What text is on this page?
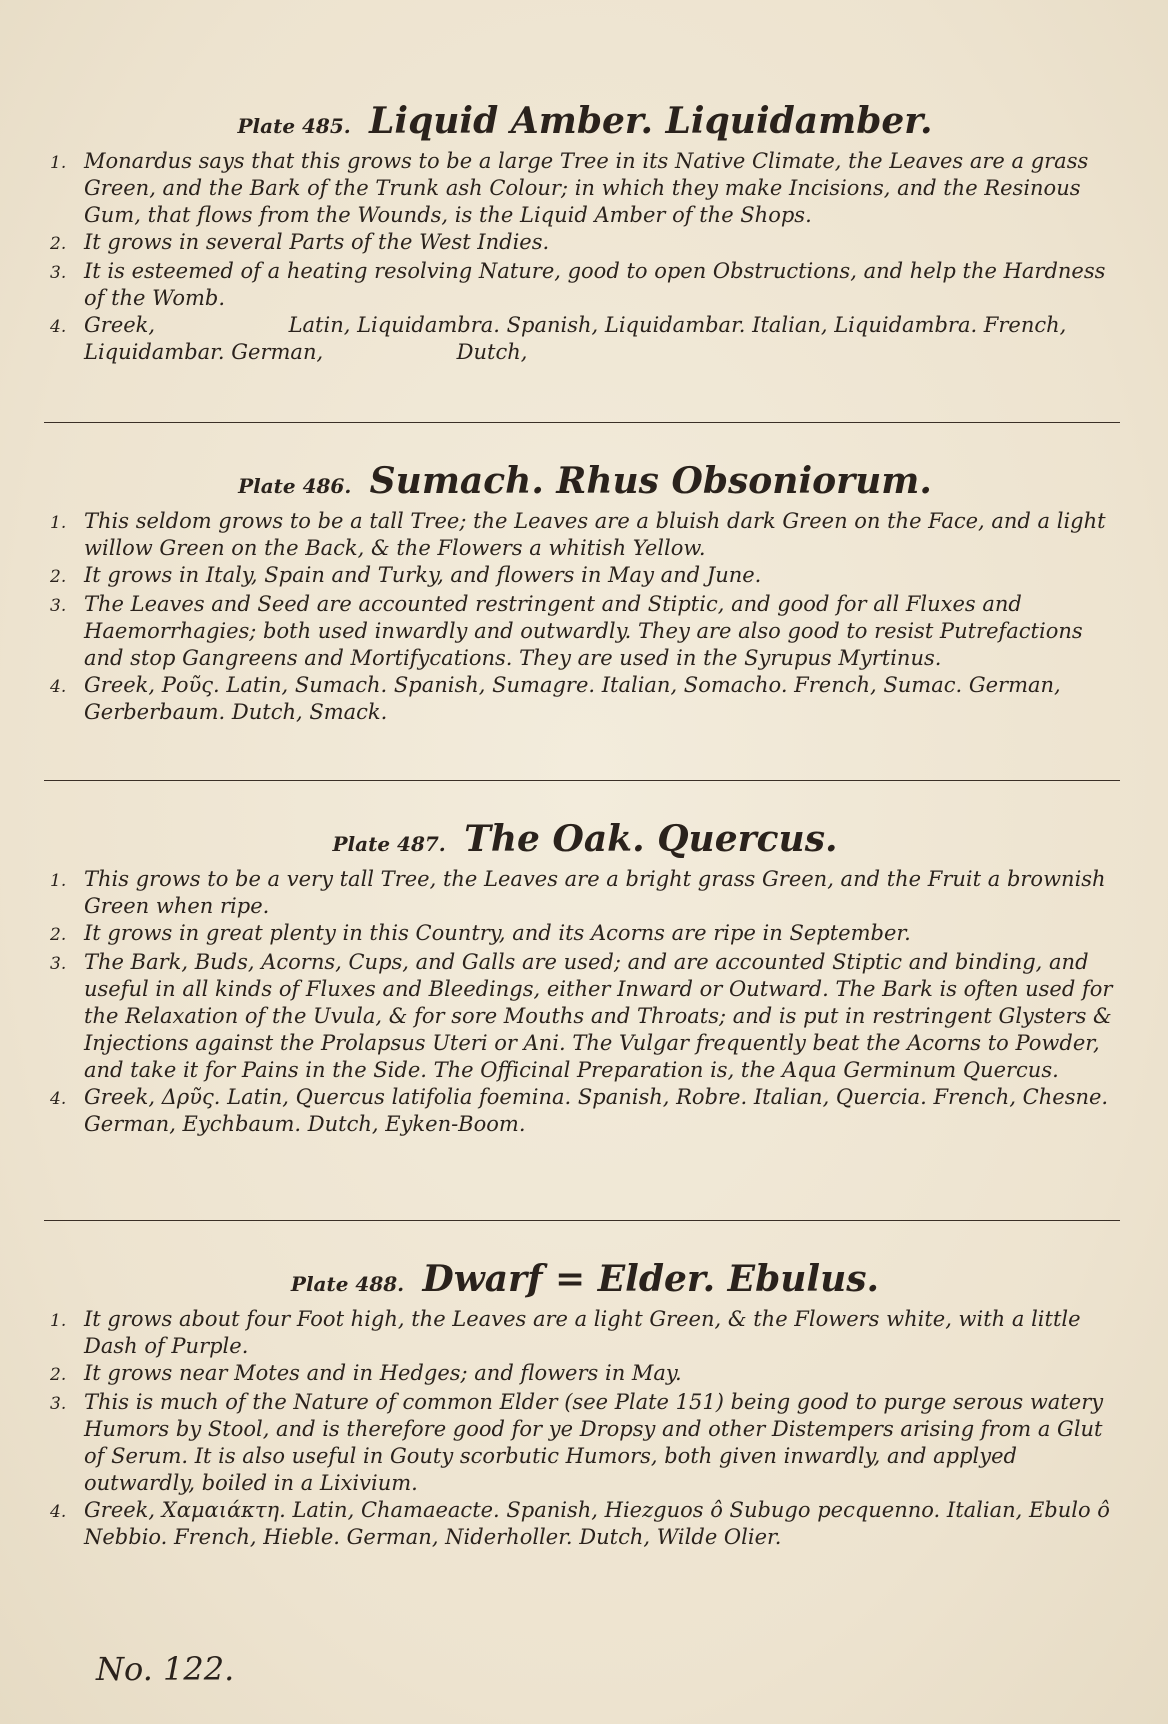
Plate 485. Liquid Amber. Liquidamber.
1. Monardus says that this grows to be a large Tree in its Native Climate, the Leaves are a grass Green, and the Bark of the Trunk ash Colour; in which they make Incisions, and the Resinous Gum, that flows from the Wounds, is the Liquid Amber of the Shops.
2. It grows in several Parts of the West Indies.
3. It is esteemed of a heating resolving Nature, good to open Obstructions, and help the Hardness of the Womb.
4. Greek,                    Latin, Liquidambra. Spanish, Liquidambar. Italian, Liquidambra. French, Liquidambar. German,                    Dutch,
Plate 486. Sumach. Rhus Obsoniorum.
1. This seldom grows to be a tall Tree; the Leaves are a bluish dark Green on the Face, and a light willow Green on the Back, & the Flowers a whitish Yellow.
2. It grows in Italy, Spain and Turky, and flowers in May and June.
3. The Leaves and Seed are accounted restringent and Stiptic, and good for all Fluxes and Haemorrhagies; both used inwardly and outwardly. They are also good to resist Putrefactions and stop Gangreens and Mortifycations. They are used in the Syrupus Myrtinus.
4. Greek, Ροῦς. Latin, Sumach. Spanish, Sumagre. Italian, Somacho. French, Sumac. German, Gerberbaum. Dutch, Smack.
Plate 487. The Oak. Quercus.
1. This grows to be a very tall Tree, the Leaves are a bright grass Green, and the Fruit a brownish Green when ripe.
2. It grows in great plenty in this Country, and its Acorns are ripe in September.
3. The Bark, Buds, Acorns, Cups, and Galls are used; and are accounted Stiptic and binding, and useful in all kinds of Fluxes and Bleedings, either Inward or Outward. The Bark is often used for the Relaxation of the Uvula, & for sore Mouths and Throats; and is put in restringent Glysters & Injections against the Prolapsus Uteri or Ani. The Vulgar frequently beat the Acorns to Powder, and take it for Pains in the Side. The Officinal Preparation is, the Aqua Germinum Quercus.
4. Greek, Δρῦς. Latin, Quercus latifolia foemina. Spanish, Robre. Italian, Quercia. French, Chesne. German, Eychbaum. Dutch, Eyken-Boom.
Plate 488. Dwarf = Elder. Ebulus.
1. It grows about four Foot high, the Leaves are a light Green, & the Flowers white, with a little Dash of Purple.
2. It grows near Motes and in Hedges; and flowers in May.
3. This is much of the Nature of common Elder (see Plate 151) being good to purge serous watery Humors by Stool, and is therefore good for ye Dropsy and other Distempers arising from a Glut of Serum. It is also useful in Gouty scorbutic Humors, both given inwardly, and applyed outwardly, boiled in a Lixivium.
4. Greek, Χαμαιάκτη. Latin, Chamaeacte. Spanish, Hiezguos ô Subugo pecquenno. Italian, Ebulo ô Nebbio. French, Hieble. German, Niderholler. Dutch, Wilde Olier.
No. 122.
